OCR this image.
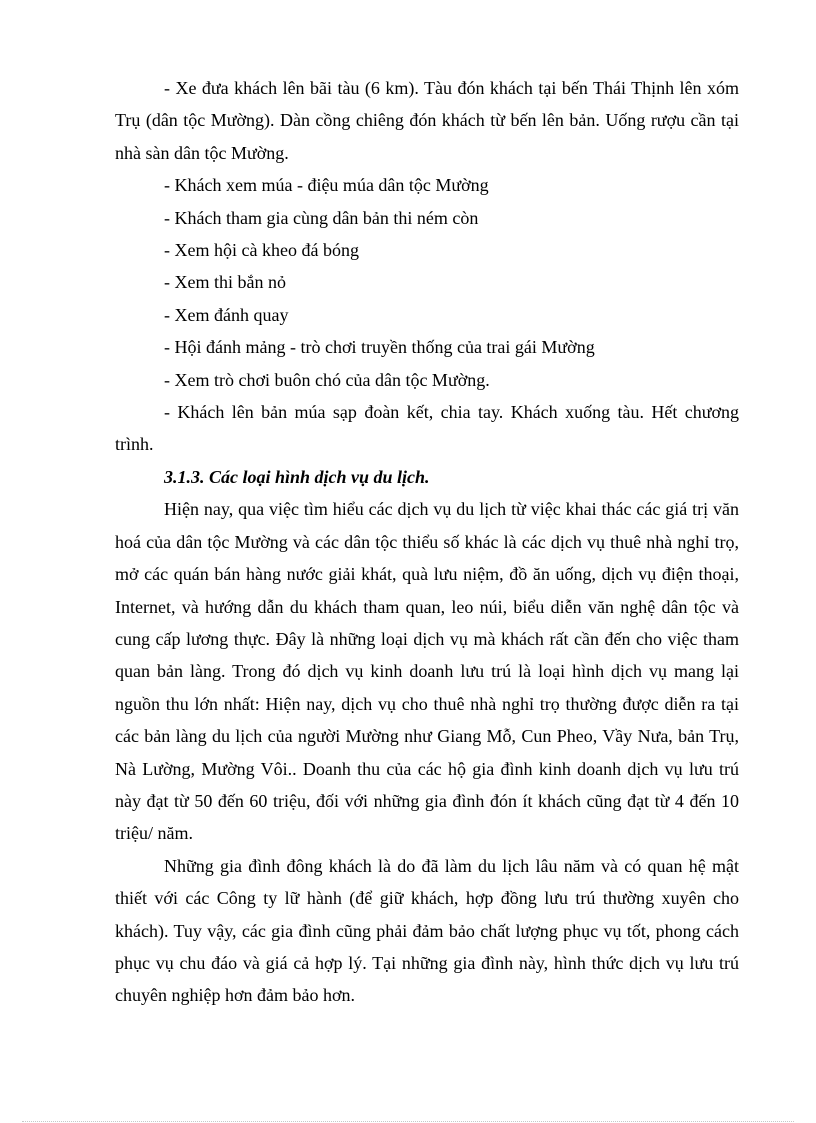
- Xe đưa khách lên bãi tàu (6 km). Tàu đón khách tại bến Thái Thịnh lên xóm Trụ (dân tộc Mường). Dàn cồng chiêng đón khách từ bến lên bản. Uống rượu cần tại nhà sàn dân tộc Mường.

- Khách xem múa - điệu múa dân tộc Mường

- Khách tham gia cùng dân bản thi ném còn

- Xem hội cà kheo đá bóng

- Xem thi bắn nỏ

- Xem đánh quay

- Hội đánh mảng - trò chơi truyền thống của trai gái Mường

- Xem trò chơi buôn chó của dân tộc Mường.

- Khách lên bản múa sạp đoàn kết, chia tay. Khách xuống tàu. Hết chương trình.

3.1.3. Các loại hình dịch vụ du lịch.

Hiện nay, qua việc tìm hiểu các dịch vụ du lịch từ việc khai thác các giá trị văn hoá của dân tộc Mường và các dân tộc thiểu số khác là các dịch vụ thuê nhà nghỉ trọ, mở các quán bán hàng nước giải khát, quà lưu niệm, đồ ăn uống, dịch vụ điện thoại, Internet, và hướng dẫn du khách tham quan, leo núi, biểu diễn văn nghệ dân tộc và cung cấp lương thực. Đây là những loại dịch vụ mà khách rất cần đến cho việc tham quan bản làng. Trong đó dịch vụ kinh doanh lưu trú là loại hình dịch vụ mang lại nguồn thu lớn nhất: Hiện nay, dịch vụ cho thuê nhà nghỉ trọ thường được diễn ra tại các bản làng du lịch của người Mường như Giang Mỗ, Cun Pheo, Vầy Nưa, bản Trụ, Nà Lường, Mường Vôi.. Doanh thu của các hộ gia đình kinh doanh dịch vụ lưu trú này đạt từ 50 đến 60 triệu, đối với những gia đình đón ít khách cũng đạt từ 4 đến 10 triệu/ năm.

Những gia đình đông khách là do đã làm du lịch lâu năm và có quan hệ mật thiết với các Công ty lữ hành (để giữ khách, hợp đồng lưu trú thường xuyên cho khách). Tuy vậy, các gia đình cũng phải đảm bảo chất lượng phục vụ tốt, phong cách phục vụ chu đáo và giá cả hợp lý. Tại những gia đình này, hình thức dịch vụ lưu trú chuyên nghiệp hơn đảm bảo hơn.
